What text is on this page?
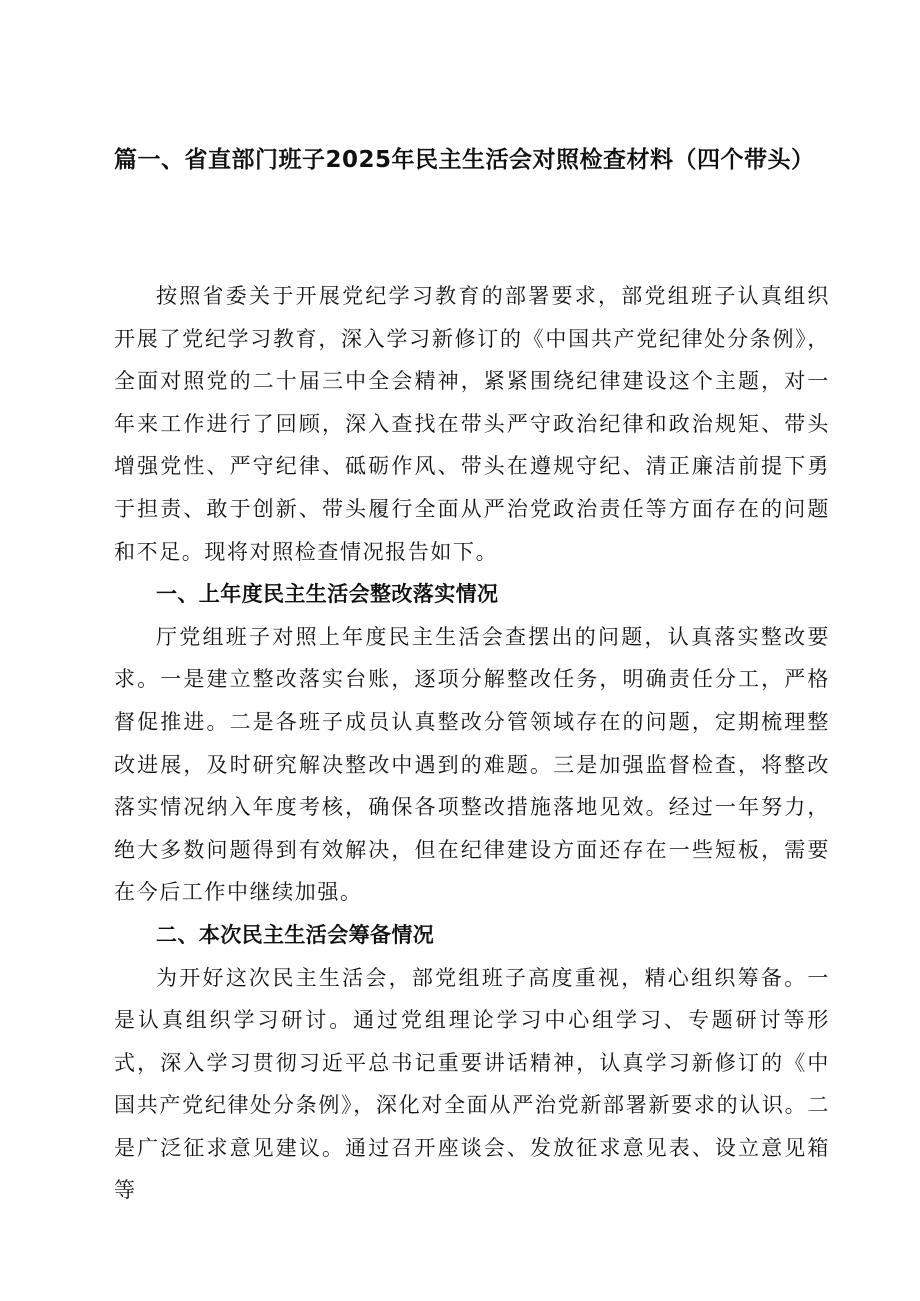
篇一、省直部门班子2025年民主生活会对照检查材料（四个带头）

按照省委关于开展党纪学习教育的部署要求，部党组班子认真组织开展了党纪学习教育，深入学习新修订的《中国共产党纪律处分条例》，全面对照党的二十届三中全会精神，紧紧围绕纪律建设这个主题，对一年来工作进行了回顾，深入查找在带头严守政治纪律和政治规矩、带头增强党性、严守纪律、砥砺作风、带头在遵规守纪、清正廉洁前提下勇于担责、敢于创新、带头履行全面从严治党政治责任等方面存在的问题和不足。现将对照检查情况报告如下。

一、上年度民主生活会整改落实情况

厅党组班子对照上年度民主生活会查摆出的问题，认真落实整改要求。一是建立整改落实台账，逐项分解整改任务，明确责任分工，严格督促推进。二是各班子成员认真整改分管领域存在的问题，定期梳理整改进展，及时研究解决整改中遇到的难题。三是加强监督检查，将整改落实情况纳入年度考核，确保各项整改措施落地见效。经过一年努力，绝大多数问题得到有效解决，但在纪律建设方面还存在一些短板，需要在今后工作中继续加强。

二、本次民主生活会筹备情况

为开好这次民主生活会，部党组班子高度重视，精心组织筹备。一是认真组织学习研讨。通过党组理论学习中心组学习、专题研讨等形式，深入学习贯彻习近平总书记重要讲话精神，认真学习新修订的《中国共产党纪律处分条例》，深化对全面从严治党新部署新要求的认识。二是广泛征求意见建议。通过召开座谈会、发放征求意见表、设立意见箱等
